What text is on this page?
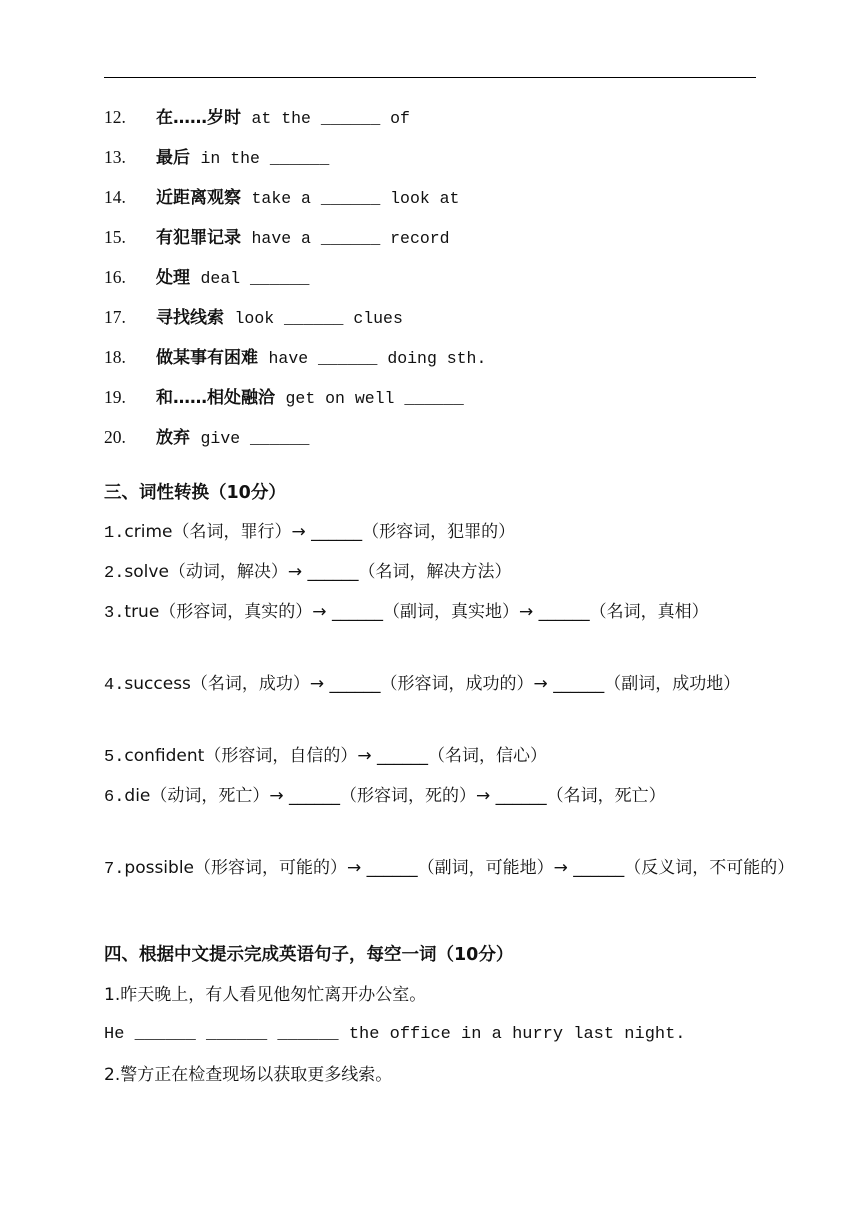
12. 在……岁时 at the ______ of
13. 最后 in the ______
14. 近距离观察 take a ______ look at
15. 有犯罪记录 have a ______ record
16. 处理 deal ______
17. 寻找线索 look ______ clues
18. 做某事有困难 have ______ doing sth.
19. 和……相处融洽 get on well ______
20. 放弃 give ______
三、词性转换（10分）
1.crime（名词，罪行）→ ______（形容词，犯罪的）
2.solve（动词，解决）→ ______（名词，解决方法）
3.true（形容词，真实的）→ ______（副词，真实地）→ ______（名词，真相）
4.success（名词，成功）→ ______（形容词，成功的）→ ______（副词，成功地）
5.confident（形容词，自信的）→ ______（名词，信心）
6.die（动词，死亡）→ ______（形容词，死的）→ ______（名词，死亡）
7.possible（形容词，可能的）→ ______（副词，可能地）→ ______（反义词，不可能的）
四、根据中文提示完成英语句子，每空一词（10分）
1.昨天晚上，有人看见他匆忙离开办公室。
He ______ ______ ______ the office in a hurry last night.
2.警方正在检查现场以获取更多线索。
